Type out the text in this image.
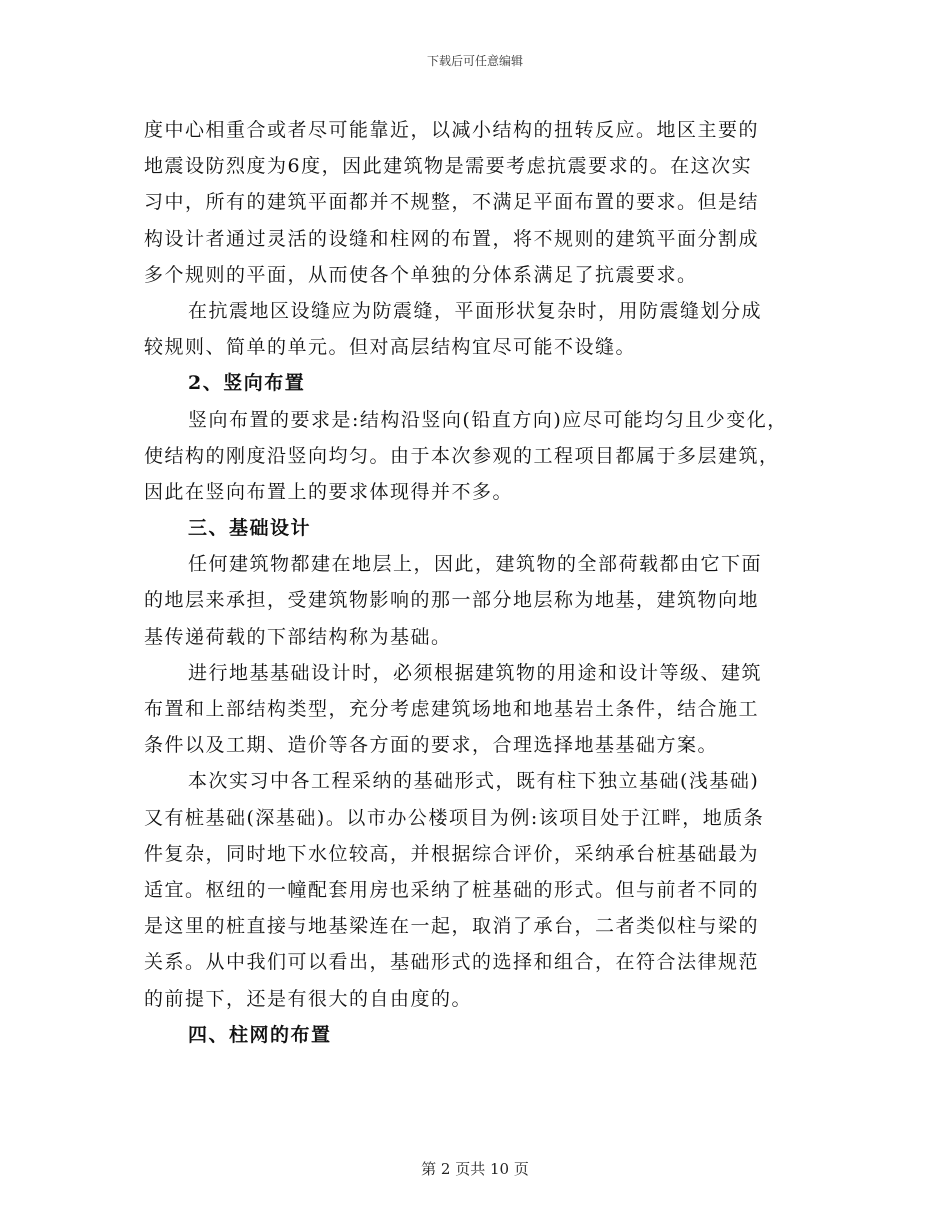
下载后可任意编辑
度中心相重合或者尽可能靠近，以减小结构的扭转反应。地区主要的
地震设防烈度为6度，因此建筑物是需要考虑抗震要求的。在这次实
习中，所有的建筑平面都并不规整，不满足平面布置的要求。但是结
构设计者通过灵活的设缝和柱网的布置，将不规则的建筑平面分割成
多个规则的平面，从而使各个单独的分体系满足了抗震要求。
在抗震地区设缝应为防震缝，平面形状复杂时，用防震缝划分成
较规则、简单的单元。但对高层结构宜尽可能不设缝。
2、竖向布置
竖向布置的要求是:结构沿竖向(铅直方向)应尽可能均匀且少变化，
使结构的刚度沿竖向均匀。由于本次参观的工程项目都属于多层建筑，
因此在竖向布置上的要求体现得并不多。
三、基础设计
任何建筑物都建在地层上，因此，建筑物的全部荷载都由它下面
的地层来承担，受建筑物影响的那一部分地层称为地基，建筑物向地
基传递荷载的下部结构称为基础。
进行地基基础设计时，必须根据建筑物的用途和设计等级、建筑
布置和上部结构类型，充分考虑建筑场地和地基岩土条件，结合施工
条件以及工期、造价等各方面的要求，合理选择地基基础方案。
本次实习中各工程采纳的基础形式，既有柱下独立基础(浅基础)
又有桩基础(深基础)。以市办公楼项目为例:该项目处于江畔，地质条
件复杂，同时地下水位较高，并根据综合评价，采纳承台桩基础最为
适宜。枢纽的一幢配套用房也采纳了桩基础的形式。但与前者不同的
是这里的桩直接与地基梁连在一起，取消了承台，二者类似柱与梁的
关系。从中我们可以看出，基础形式的选择和组合，在符合法律规范
的前提下，还是有很大的自由度的。
四、柱网的布置
第 2 页共 10 页
